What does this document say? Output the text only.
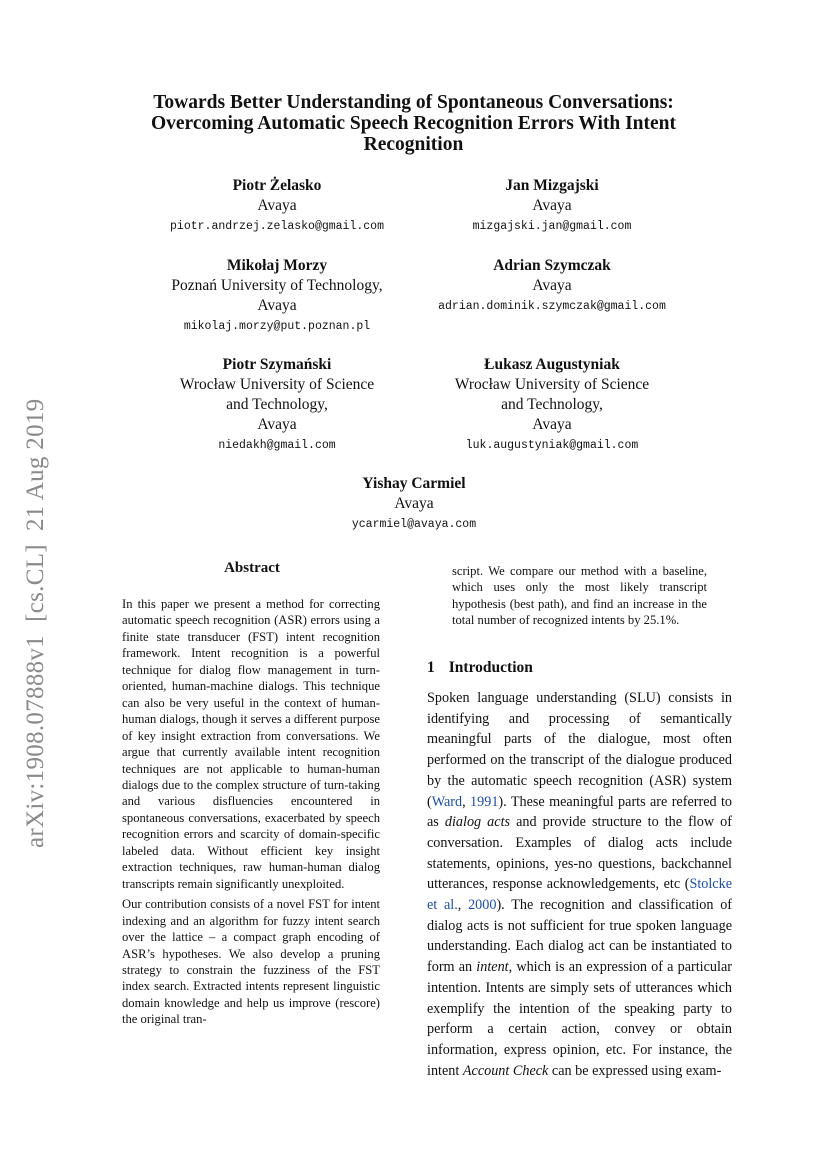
arXiv:1908.07888v1  [cs.CL]  21 Aug 2019
Towards Better Understanding of Spontaneous Conversations:
Overcoming Automatic Speech Recognition Errors With Intent
Recognition
Piotr Żelasko
Avaya
piotr.andrzej.zelasko@gmail.com
Jan Mizgajski
Avaya
mizgajski.jan@gmail.com
Mikołaj Morzy
Poznań University of Technology,
Avaya
mikolaj.morzy@put.poznan.pl
Adrian Szymczak
Avaya
adrian.dominik.szymczak@gmail.com
Piotr Szymański
Wrocław University of Science
and Technology,
Avaya
niedakh@gmail.com
Łukasz Augustyniak
Wrocław University of Science
and Technology,
Avaya
luk.augustyniak@gmail.com
Yishay Carmiel
Avaya
ycarmiel@avaya.com
Abstract

In this paper we present a method for correcting automatic speech recognition (ASR) errors using a finite state transducer (FST) intent recognition framework. Intent recognition is a powerful technique for dialog flow management in turn-oriented, human-machine dialogs. This technique can also be very useful in the context of human-human dialogs, though it serves a different purpose of key insight extraction from conversations. We argue that currently available intent recognition techniques are not applicable to human-human dialogs due to the complex structure of turn-taking and various disfluencies encountered in spontaneous conversations, exacerbated by speech recognition errors and scarcity of domain-specific labeled data. Without efficient key insight extraction techniques, raw human-human dialog transcripts remain significantly unexploited.

Our contribution consists of a novel FST for intent indexing and an algorithm for fuzzy intent search over the lattice – a compact graph encoding of ASR’s hypotheses. We also develop a pruning strategy to constrain the fuzziness of the FST index search. Extracted intents represent linguistic domain knowledge and help us improve (rescore) the original tran-

script. We compare our method with a baseline, which uses only the most likely transcript hypothesis (best path), and find an increase in the total number of recognized intents by 25.1%.

1 Introduction

Spoken language understanding (SLU) consists in identifying and processing of semantically meaningful parts of the dialogue, most often performed on the transcript of the dialogue produced by the automatic speech recognition (ASR) system (Ward, 1991). These meaningful parts are referred to as dialog acts and provide structure to the flow of conversation. Examples of dialog acts include statements, opinions, yes-no questions, backchannel utterances, response acknowledgements, etc (Stolcke et al., 2000). The recognition and classification of dialog acts is not sufficient for true spoken language understanding. Each dialog act can be instantiated to form an intent, which is an expression of a particular intention. Intents are simply sets of utterances which exemplify the intention of the speaking party to perform a certain action, convey or obtain information, express opinion, etc. For instance, the intent Account Check can be expressed using exam-
